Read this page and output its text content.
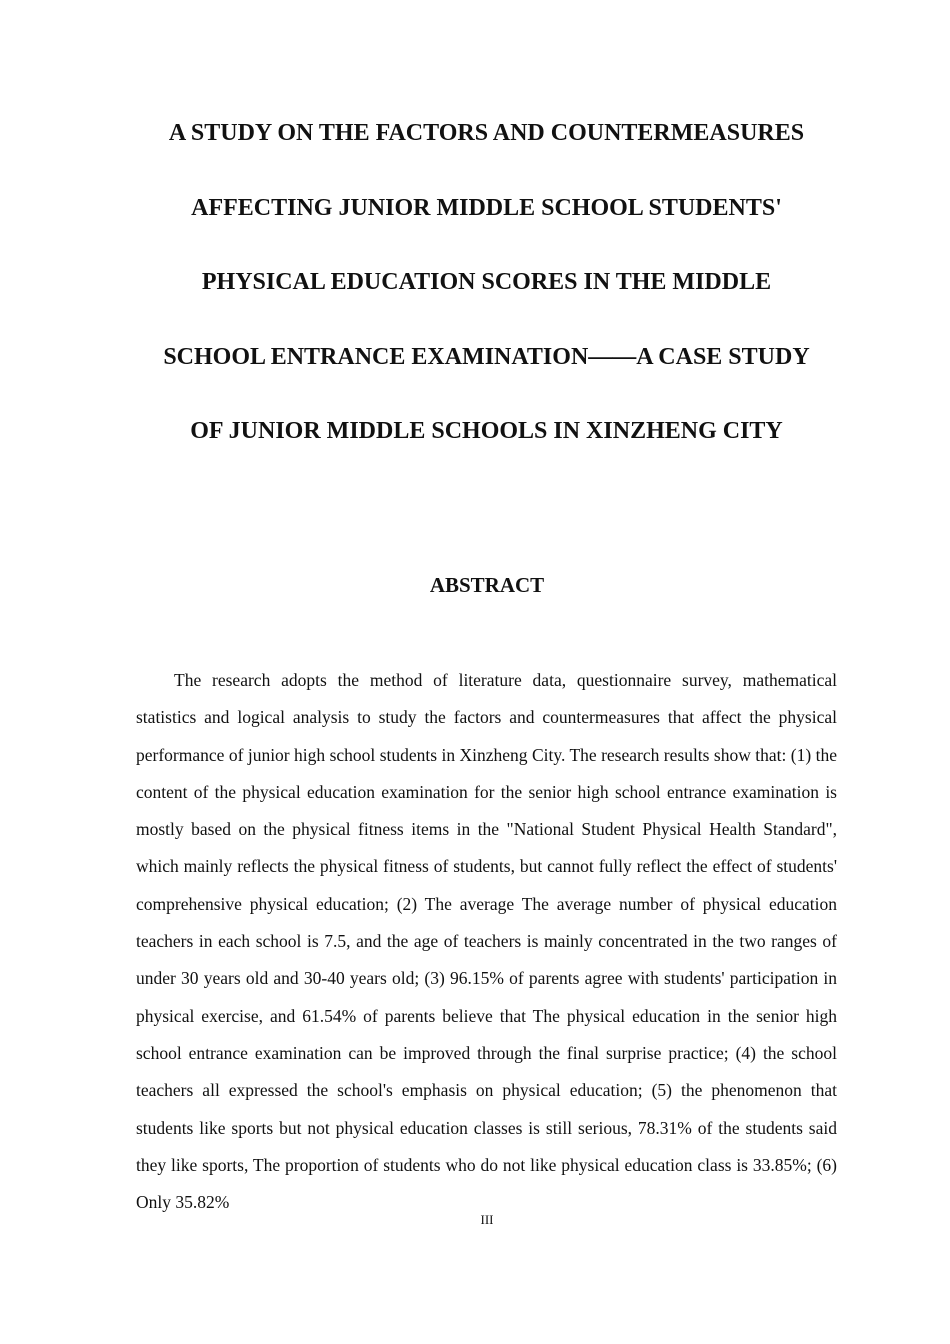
A STUDY ON THE FACTORS AND COUNTERMEASURES
AFFECTING JUNIOR MIDDLE SCHOOL STUDENTS'
PHYSICAL EDUCATION SCORES IN THE MIDDLE
SCHOOL ENTRANCE EXAMINATION——A CASE STUDY
OF JUNIOR MIDDLE SCHOOLS IN XINZHENG CITY
ABSTRACT

The research adopts the method of literature data, questionnaire survey, mathematical statistics and logical analysis to study the factors and countermeasures that affect the physical performance of junior high school students in Xinzheng City. The research results show that: (1) the content of the physical education examination for the senior high school entrance examination is mostly based on the physical fitness items in the "National Student Physical Health Standard", which mainly reflects the physical fitness of students, but cannot fully reflect the effect of students' comprehensive physical education; (2) The average The average number of physical education teachers in each school is 7.5, and the age of teachers is mainly concentrated in the two ranges of under 30 years old and 30-40 years old; (3) 96.15% of parents agree with students' participation in physical exercise, and 61.54% of parents believe that The physical education in the senior high school entrance examination can be improved through the final surprise practice; (4) the school teachers all expressed the school's emphasis on physical education; (5) the phenomenon that students like sports but not physical education classes is still serious, 78.31% of the students said they like sports, The proportion of students who do not like physical education class is 33.85%; (6) Only 35.82%

III
